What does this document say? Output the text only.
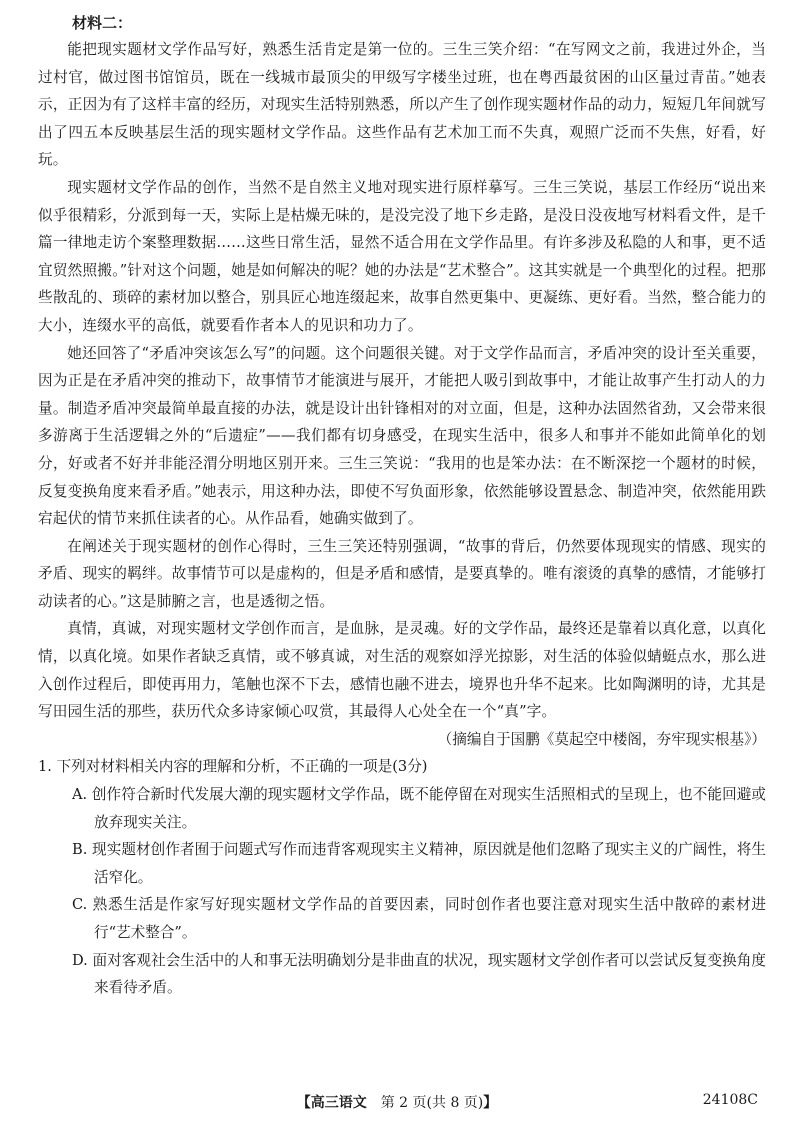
材料二：

能把现实题材文学作品写好，熟悉生活肯定是第一位的。三生三笑介绍：“在写网文之前，我进过外企，当过村官，做过图书馆馆员，既在一线城市最顶尖的甲级写字楼坐过班，也在粤西最贫困的山区量过青苗。”她表示，正因为有了这样丰富的经历，对现实生活特别熟悉，所以产生了创作现实题材作品的动力，短短几年间就写出了四五本反映基层生活的现实题材文学作品。这些作品有艺术加工而不失真，观照广泛而不失焦，好看，好玩。

现实题材文学作品的创作，当然不是自然主义地对现实进行原样摹写。三生三笑说，基层工作经历“说出来似乎很精彩，分派到每一天，实际上是枯燥无味的，是没完没了地下乡走路，是没日没夜地写材料看文件，是千篇一律地走访个案整理数据……这些日常生活，显然不适合用在文学作品里。有许多涉及私隐的人和事，更不适宜贸然照搬。”针对这个问题，她是如何解决的呢？她的办法是“艺术整合”。这其实就是一个典型化的过程。把那些散乱的、琐碎的素材加以整合，别具匠心地连缀起来，故事自然更集中、更凝练、更好看。当然，整合能力的大小，连缀水平的高低，就要看作者本人的见识和功力了。

她还回答了“矛盾冲突该怎么写”的问题。这个问题很关键。对于文学作品而言，矛盾冲突的设计至关重要，因为正是在矛盾冲突的推动下，故事情节才能演进与展开，才能把人吸引到故事中，才能让故事产生打动人的力量。制造矛盾冲突最简单最直接的办法，就是设计出针锋相对的对立面，但是，这种办法固然省劲，又会带来很多游离于生活逻辑之外的“后遗症”——我们都有切身感受，在现实生活中，很多人和事并不能如此简单化的划分，好或者不好并非能泾渭分明地区别开来。三生三笑说：“我用的也是笨办法：在不断深挖一个题材的时候，反复变换角度来看矛盾。”她表示，用这种办法，即使不写负面形象，依然能够设置悬念、制造冲突，依然能用跌宕起伏的情节来抓住读者的心。从作品看，她确实做到了。

在阐述关于现实题材的创作心得时，三生三笑还特别强调，“故事的背后，仍然要体现现实的情感、现实的矛盾、现实的羁绊。故事情节可以是虚构的，但是矛盾和感情，是要真挚的。唯有滚烫的真挚的感情，才能够打动读者的心。”这是肺腑之言，也是透彻之悟。

真情，真诚，对现实题材文学创作而言，是血脉，是灵魂。好的文学作品，最终还是靠着以真化意，以真化情，以真化境。如果作者缺乏真情，或不够真诚，对生活的观察如浮光掠影，对生活的体验似蜻蜓点水，那么进入创作过程后，即使再用力，笔触也深不下去，感情也融不进去，境界也升华不起来。比如陶渊明的诗，尤其是写田园生活的那些，获历代众多诗家倾心叹赏，其最得人心处全在一个“真”字。

（摘编自于国鹏《莫起空中楼阁，夯牢现实根基》）

1. 下列对材料相关内容的理解和分析，不正确的一项是(3分)

A. 创作符合新时代发展大潮的现实题材文学作品，既不能停留在对现实生活照相式的呈现上，也不能回避或放弃现实关注。
B. 现实题材创作者囿于问题式写作而违背客观现实主义精神，原因就是他们忽略了现实主义的广阔性，将生活窄化。
C. 熟悉生活是作家写好现实题材文学作品的首要因素，同时创作者也要注意对现实生活中散碎的素材进行“艺术整合”。
D. 面对客观社会生活中的人和事无法明确划分是非曲直的状况，现实题材文学创作者可以尝试反复变换角度来看待矛盾。
【高三语文　 第 2 页(共 8 页)】	24108C
